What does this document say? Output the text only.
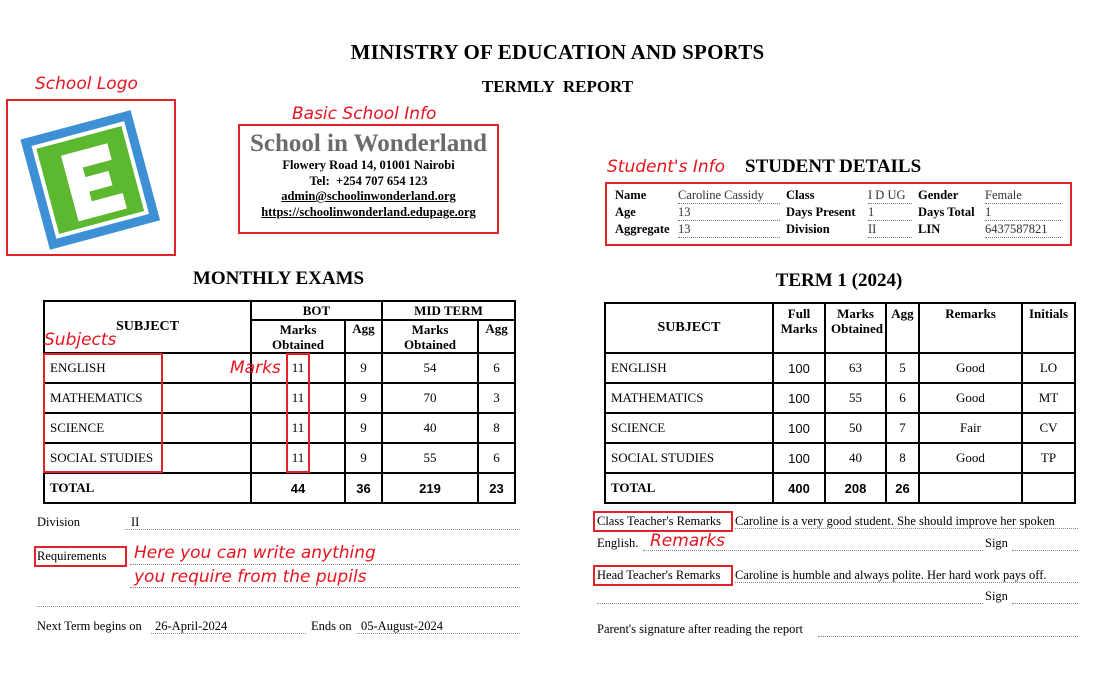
MINISTRY OF EDUCATION AND SPORTS
TERMLY  REPORT
School Logo
Basic School Info
School in Wonderland
Flowery Road 14, 01001 Nairobi
Tel:  +254 707 654 123
admin@schoolinwonderland.org
https://schoolinwonderland.edupage.org
Student's Info STUDENT DETAILS
Name	Caroline Cassidy	Class	I D UG	Gender Female
Age	13	Days Present 1	Days Total 1
Aggregate 13	Division	II	LIN	6437587821
MONTHLY EXAMS
SUBJECT	BOT		MID TERM	
	Marks Obtained	Agg	Marks Obtained	Agg
ENGLISH	11	9	54	6
MATHEMATICS	11	9	70	3
SCIENCE	11	9	40	8
SOCIAL STUDIES	11	9	55	6
TOTAL	44	36	219	23
Subjects
Marks
TERM 1 (2024)
SUBJECT	Full Marks	Marks Obtained	Agg	Remarks	Initials
ENGLISH	100	63	5	Good	LO
MATHEMATICS	100	55	6	Good	MT
SCIENCE	100	50	7	Fair	CV
SOCIAL STUDIES	100	40	8	Good	TP
TOTAL	400	208	26		
Division	II
Requirements Here you can write anything
you require from the pupils
Next Term begins on 26-April-2024	Ends on 05-August-2024
Class Teacher's Remarks Caroline is a very good student. She should improve her spoken
English. Remarks	Sign
Head Teacher's Remarks Caroline is humble and always polite. Her hard work pays off.
Sign
Parent's signature after reading the report
